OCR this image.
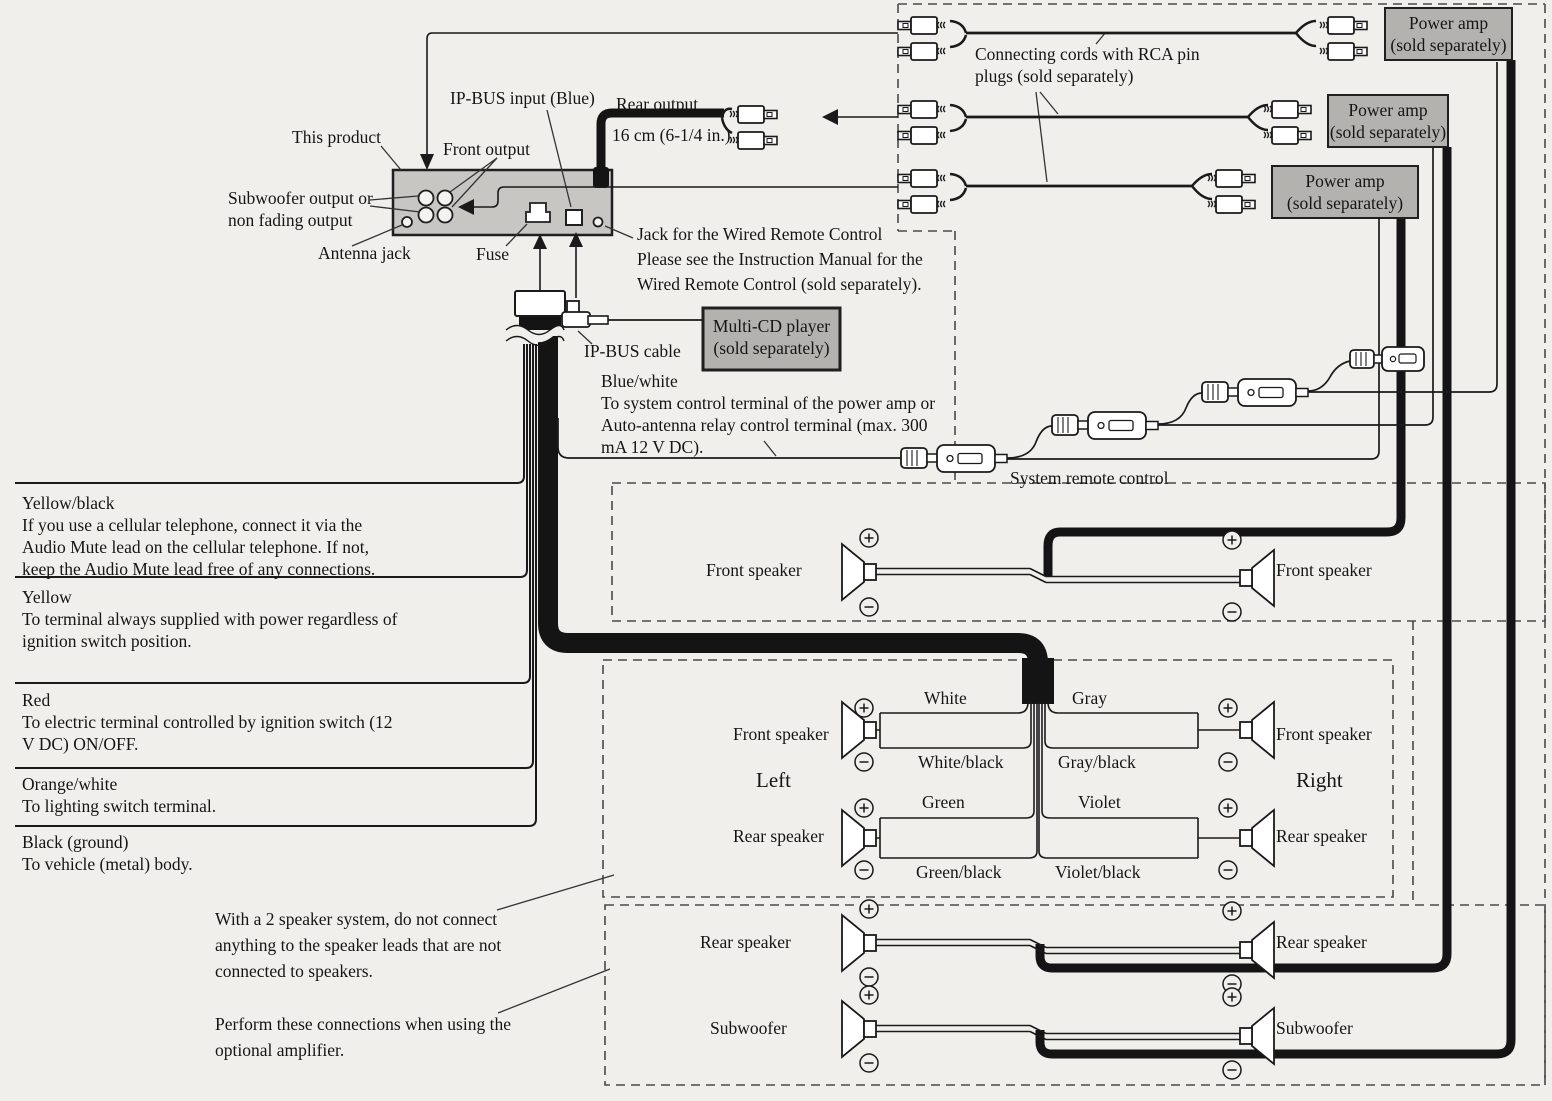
This product
Front output
IP-BUS input (Blue) Rear output
16 cm (6-1/4 in.)
Subwoofer output or
non fading output
Antenna jack	Fuse
Jack for the Wired Remote Control
Please see the Instruction Manual for the
Wired Remote Control (sold separately).
IP-BUS cable
Multi-CD player
(sold separately)
Blue/white
To system control terminal of the power amp or
Auto-antenna relay control terminal (max. 300
mA 12 V DC).
System remote control
Connecting cords with RCA pin
plugs (sold separately)
Power amp
(sold separately)
Power amp
(sold separately)
Power amp
(sold separately)
Yellow/black
If you use a cellular telephone, connect it via the
Audio Mute lead on the cellular telephone. If not,
keep the Audio Mute lead free of any connections.
Yellow
To terminal always supplied with power regardless of
ignition switch position.
Red
To electric terminal controlled by ignition switch (12
V DC) ON/OFF.
Orange/white
To lighting switch terminal.
Black (ground)
To vehicle (metal) body.
With a 2 speaker system, do not connect
anything to the speaker leads that are not
connected to speakers.
Perform these connections when using the
optional amplifier.
Front speaker	Front speaker
Front speaker	Front speaker
Rear speaker	Rear speaker
Left	Right
White
White/black
Gray
Gray/black
Green
Green/black
Violet
Violet/black
Rear speaker	Rear speaker
Subwoofer	Subwoofer
